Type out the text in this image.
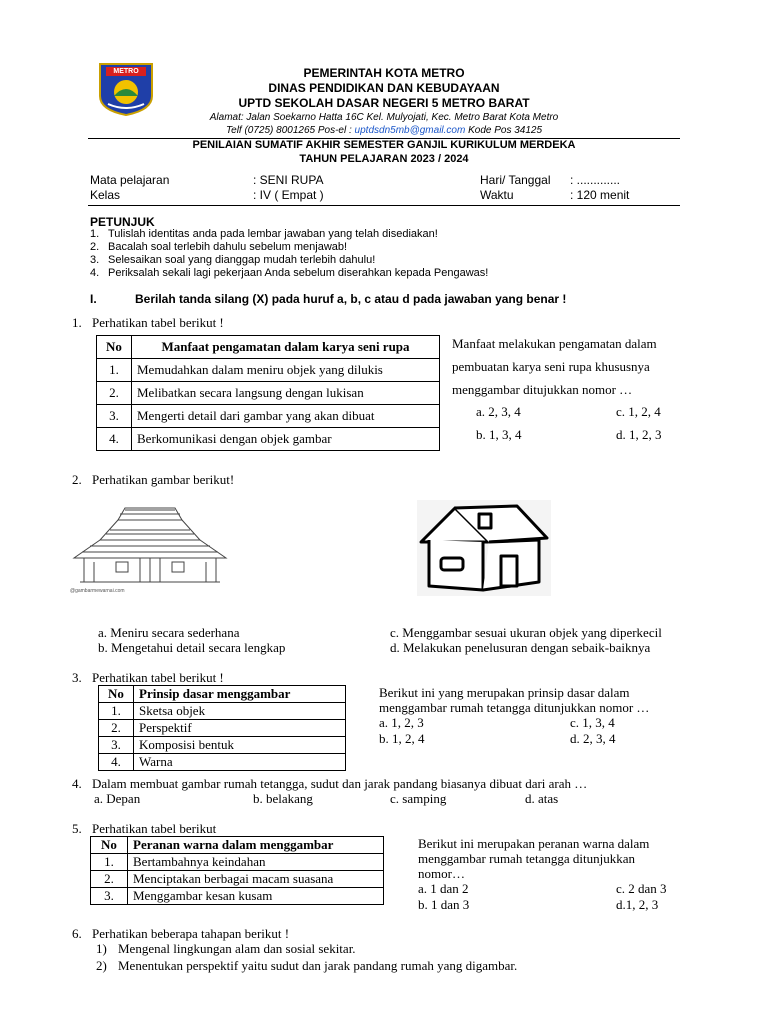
METRO	PEMERINTAH KOTA METRO
DINAS PENDIDIKAN DAN KEBUDAYAAN
UPTD SEKOLAH DASAR NEGERI 5 METRO BARAT
Alamat: Jalan Soekarno Hatta 16C Kel. Mulyojati, Kec. Metro Barat Kota Metro
Telf (0725) 8001265 Pos-el : uptdsdn5mb@gmail.com Kode Pos 34125
PENILAIAN SUMATIF AKHIR SEMESTER GANJIL KURIKULUM MERDEKA
TAHUN PELAJARAN 2023 / 2024
Mata pelajaran	: SENI RUPA
Kelas	: IV ( Empat )
Hari/ Tanggal : .............
Waktu	: 120 menit
PETUNJUK
1. Tulislah identitas anda pada lembar jawaban yang telah disediakan!
2. Bacalah soal terlebih dahulu sebelum menjawab!
3. Selesaikan soal yang dianggap mudah terlebih dahulu!
4. Periksalah sekali lagi pekerjaan Anda sebelum diserahkan kepada Pengawas!
I.	Berilah tanda silang (X) pada huruf a, b, c atau d pada jawaban yang benar !
1. Perhatikan tabel berikut !
No	Manfaat pengamatan dalam karya seni rupa
1.	Memudahkan dalam meniru objek yang dilukis
2.	Melibatkan secara langsung dengan lukisan
3.	Mengerti detail dari gambar yang akan dibuat
4.	Berkomunikasi dengan objek gambar
Manfaat melakukan pengamatan dalam
pembuatan karya seni rupa khususnya
menggambar ditujukkan nomor …
a. 2, 3, 4	c. 1, 2, 4
b. 1, 3, 4	d. 1, 2, 3
2. Perhatikan gambar berikut!
@gambarmewarnai.com
a. Meniru secara sederhana
b. Mengetahui detail secara lengkap
c. Menggambar sesuai ukuran objek yang diperkecil
d. Melakukan penelusuran dengan sebaik-baiknya
3. Perhatikan tabel berikut !
No	Prinsip dasar menggambar
1.	Sketsa objek
2.	Perspektif
3.	Komposisi bentuk
4.	Warna
Berikut ini yang merupakan prinsip dasar dalam
menggambar rumah tetangga ditunjukkan nomor …
a. 1, 2, 3	c. 1, 3, 4
b. 1, 2, 4	d. 2, 3, 4
4. Dalam membuat gambar rumah tetangga, sudut dan jarak pandang biasanya dibuat dari arah …
a. Depan	b. belakang	c. samping	d. atas
5. Perhatikan tabel berikut
No	Peranan warna dalam menggambar
1.	Bertambahnya keindahan
2.	Menciptakan berbagai macam suasana
3.	Menggambar kesan kusam
Berikut ini merupakan peranan warna dalam
menggambar rumah tetangga ditunjukkan
nomor…
a. 1 dan 2	c. 2 dan 3
b. 1 dan 3	d.1, 2, 3
6. Perhatikan beberapa tahapan berikut !
1) Mengenal lingkungan alam dan sosial sekitar.
2) Menentukan perspektif yaitu sudut dan jarak pandang rumah yang digambar.
